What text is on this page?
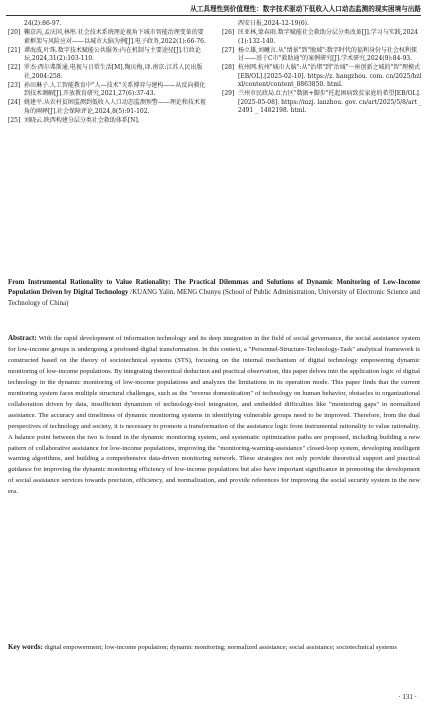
从工具理性到价值理性：数字技术驱动下低收入人口动态监测的现实困境与出路
24(2):86-97.
[20] 鞠京芮,孟庆国,林彤.社会技术系统理论视角下城市智能治理变革的要素框架与风险应对——以城市大脑为例[J].电子政务,2022(1):66-76.
[21] 谭海波,叶珠.数字技术赋能公共服务:内在机制与主要途径[J].行政论坛,2024,31(2):103-110.
[22] 罗杰·西尔弗斯通.电视与日常生活[M].陶庆梅,译.南京:江苏人民出版社,2004:258.
[23] 孙田琳子.人工智能教育中"人—技术"关系博弈与建构——从反向驯化到技术调解[J].开放教育研究,2021,27(6):37-43.
[24] 姚建平.从农村贫困监测到低收入人口动态监测预警——理论和技术视角的阐释[J].社会保障评论,2024,8(5):91-102.
[25] 刘晓云.陕西构建分层分类社会救助体系[N].
西安日报,2024-12-19(6).
[26] 匡亚林,蒙春雨.数字赋能社会救助分层分类改革[J].学习与实践,2024(1):132-140.
[27] 杨立雄,刘曦言.从"情景"到"脱域":数字时代的福利身份与社会权利探讨——基于C市"救助通"的案例研究[J].学术研究,2024(9):84-93.
[28] 杭州网.杭州"城市大脑":从"治堵"到"治城"一座创新之城的"智"理模式[EB/OL].[2025-02-10]. https://z. hangzhou. com. cn/2025/hzlxl/content/content_8863850. html.
[29] 兰州市民政局.红古区"数据+脚步"托起困病致贫家庭的希望[EB/OL].[2025-05-08]. https://mzj. lanzhou. gov. cn/art/2025/5/8/art _ 2491 _ 1482198. html.
From Instrumental Rationality to Value Rationality: The Practical Dilemmas and Solutions of Dynamic Monitoring of Low-Income Population Driven by Digital Technology /KUANG Yalin, MENG Chunyu (School of Public Administration, University of Electronic Science and Technology of China)
Abstract: With the rapid development of information technology and its deep integration in the field of social governance, the social assistance system for low-income groups is undergoing a profound digital transformation. In this context, a "Personnel-Structure-Technology-Task" analytical framework is constructed based on the theory of sociotechnical systems (STS), focusing on the internal mechanism of digital technology empowering dynamic monitoring of low-income populations. By integrating theoretical deduction and practical observation, this paper delves into the application logic of digital technology in the dynamic monitoring of low-income populations and analyzes the limitations in its operation mode. This paper finds that the current monitoring system faces multiple structural challenges, such as the "reverse domestication" of technology on human behavior, obstacles to organizational collaboration driven by data, insufficient dynamism of technology-tool integration, and embedded difficulties like "monitoring gaps" in normalized assistance. The accuracy and timeliness of dynamic monitoring systems in identifying vulnerable groups need to be improved. Therefore, from the dual perspectives of technology and society, it is necessary to promote a transformation of the assistance logic from instrumental rationality to value rationality. A balance point between the two is found in the dynamic monitoring system, and systematic optimization paths are proposed, including building a new pattern of collaborative assistance for low-income populations, improving the "monitoring-warning-assistance" closed-loop system, developing intelligent warning algorithms, and building a comprehensive data-driven monitoring network. These strategies not only provide theoretical support and practical guidance for improving the dynamic monitoring efficiency of low-income populations but also have important significance in promoting the development of social assistance services towards precision, efficiency, and normalization, and provide references for improving the social security system in the new era.
Key words: digital empowerment; low-income population; dynamic monitoring; normalized assistance; social assistance; sociotechnical systems
· 131 ·
